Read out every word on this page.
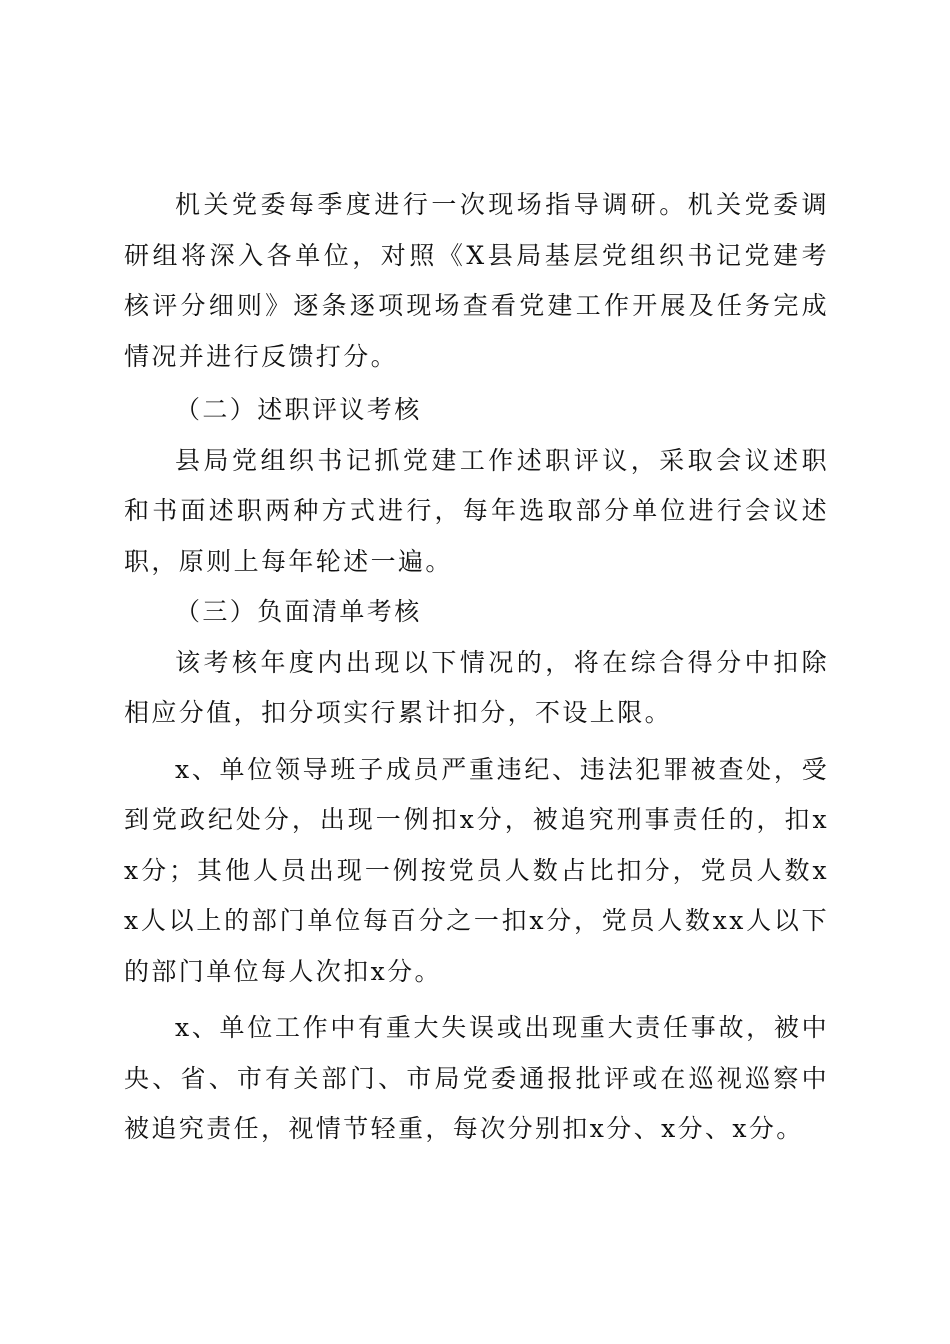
机关党委每季度进行一次现场指导调研。机关党委调研组将深入各单位，对照《X县局基层党组织书记党建考核评分细则》逐条逐项现场查看党建工作开展及任务完成情况并进行反馈打分。

（二）述职评议考核

县局党组织书记抓党建工作述职评议，采取会议述职和书面述职两种方式进行，每年选取部分单位进行会议述职，原则上每年轮述一遍。

（三）负面清单考核

该考核年度内出现以下情况的，将在综合得分中扣除相应分值，扣分项实行累计扣分，不设上限。

x、单位领导班子成员严重违纪、违法犯罪被查处，受到党政纪处分，出现一例扣x分，被追究刑事责任的，扣xx分；其他人员出现一例按党员人数占比扣分，党员人数xx人以上的部门单位每百分之一扣x分，党员人数xx人以下的部门单位每人次扣x分。

x、单位工作中有重大失误或出现重大责任事故，被中央、省、市有关部门、市局党委通报批评或在巡视巡察中被追究责任，视情节轻重，每次分别扣x分、x分、x分。
